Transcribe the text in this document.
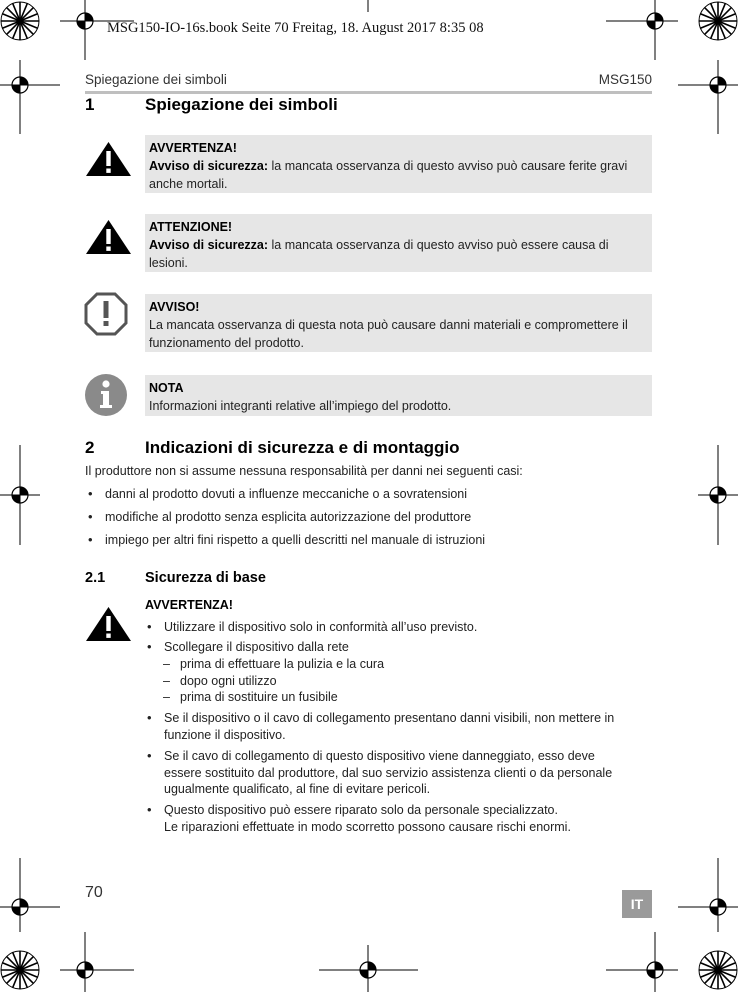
MSG150-IO-16s.book Seite 70 Freitag, 18. August 2017 8:35 08
Spiegazione dei simboli	MSG150
1	Spiegazione dei simboli
AVVERTENZA!
Avviso di sicurezza: la mancata osservanza di questo avviso può causare ferite gravi anche mortali.
ATTENZIONE!
Avviso di sicurezza: la mancata osservanza di questo avviso può essere causa di lesioni.
AVVISO!
La mancata osservanza di questa nota può causare danni materiali e compromettere il funzionamento del prodotto.
NOTA
Informazioni integranti relative all’impiego del prodotto.
2	Indicazioni di sicurezza e di montaggio
Il produttore non si assume nessuna responsabilità per danni nei seguenti casi:
• danni al prodotto dovuti a influenze meccaniche o a sovratensioni
• modifiche al prodotto senza esplicita autorizzazione del produttore
• impiego per altri fini rispetto a quelli descritti nel manuale di istruzioni
2.1	Sicurezza di base
AVVERTENZA!
• Utilizzare il dispositivo solo in conformità all’uso previsto.
• Scollegare il dispositivo dalla rete
– prima di effettuare la pulizia e la cura
– dopo ogni utilizzo
– prima di sostituire un fusibile
• Se il dispositivo o il cavo di collegamento presentano danni visibili, non mettere in
funzione il dispositivo.
• Se il cavo di collegamento di questo dispositivo viene danneggiato, esso deve
essere sostituito dal produttore, dal suo servizio assistenza clienti o da personale
ugualmente qualificato, al fine di evitare pericoli.
• Questo dispositivo può essere riparato solo da personale specializzato.
Le riparazioni effettuate in modo scorretto possono causare rischi enormi.
70
IT
